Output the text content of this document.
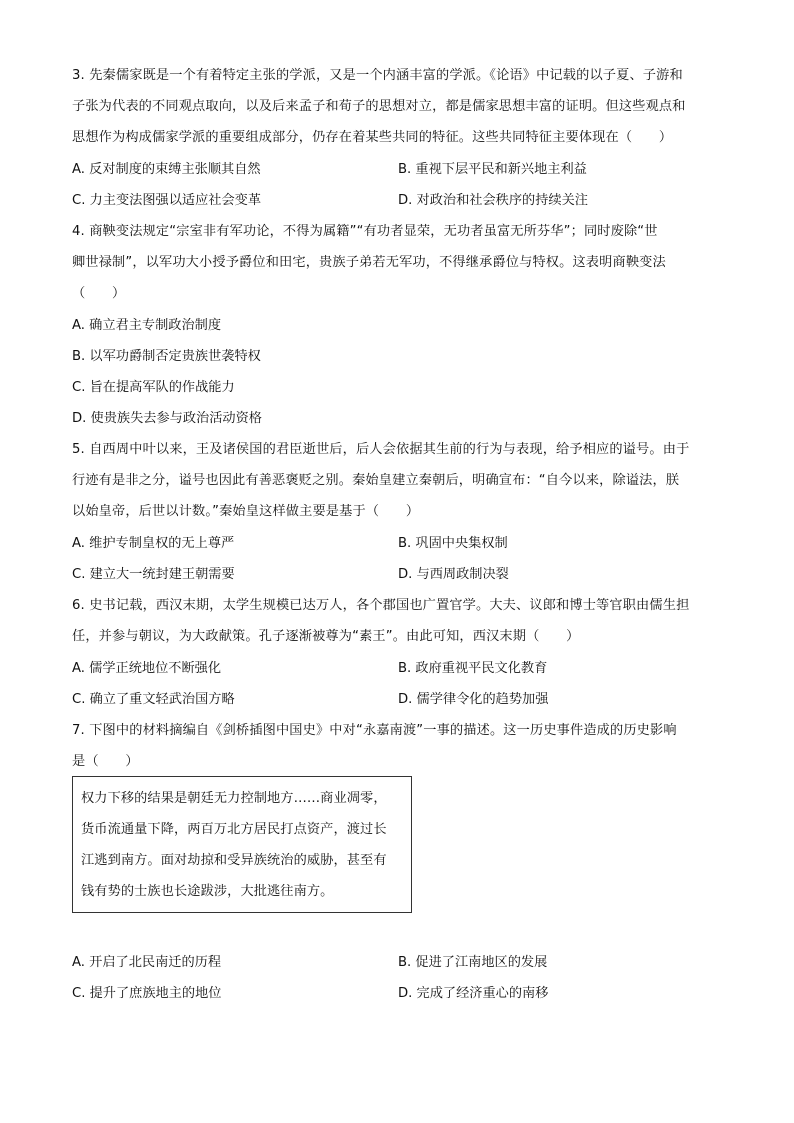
3. 先秦儒家既是一个有着特定主张的学派，又是一个内涵丰富的学派。《论语》中记载的以子夏、子游和
子张为代表的不同观点取向，以及后来孟子和荀子的思想对立，都是儒家思想丰富的证明。但这些观点和
思想作为构成儒家学派的重要组成部分，仍存在着某些共同的特征。这些共同特征主要体现在（　　）
A. 反对制度的束缚主张顺其自然	B. 重视下层平民和新兴地主利益
C. 力主变法图强以适应社会变革	D. 对政治和社会秩序的持续关注
4. 商鞅变法规定“宗室非有军功论，不得为属籍”“有功者显荣，无功者虽富无所芬华”；同时废除“世
卿世禄制”，以军功大小授予爵位和田宅，贵族子弟若无军功，不得继承爵位与特权。这表明商鞅变法
（　　）
A. 确立君主专制政治制度
B. 以军功爵制否定贵族世袭特权
C. 旨在提高军队的作战能力
D. 使贵族失去参与政治活动资格
5. 自西周中叶以来，王及诸侯国的君臣逝世后，后人会依据其生前的行为与表现，给予相应的谥号。由于
行迹有是非之分，谥号也因此有善恶褒贬之别。秦始皇建立秦朝后，明确宣布：“自今以来，除谥法，朕
以始皇帝，后世以计数。”秦始皇这样做主要是基于（　　）
A. 维护专制皇权的无上尊严	B. 巩固中央集权制
C. 建立大一统封建王朝需要	D. 与西周政制决裂
6. 史书记载，西汉末期，太学生规模已达万人，各个郡国也广置官学。大夫、议郎和博士等官职由儒生担
任，并参与朝议，为大政献策。孔子逐渐被尊为“素王”。由此可知，西汉末期（　　）
A. 儒学正统地位不断强化	B. 政府重视平民文化教育
C. 确立了重文轻武治国方略	D. 儒学律令化的趋势加强
7. 下图中的材料摘编自《剑桥插图中国史》中对“永嘉南渡”一事的描述。这一历史事件造成的历史影响
是（　　）
权力下移的结果是朝廷无力控制地方……商业凋零，
货币流通量下降，两百万北方居民打点资产，渡过长
江逃到南方。面对劫掠和受异族统治的威胁，甚至有
钱有势的士族也长途跋涉，大批逃往南方。
A. 开启了北民南迁的历程	B. 促进了江南地区的发展
C. 提升了庶族地主的地位	D. 完成了经济重心的南移
